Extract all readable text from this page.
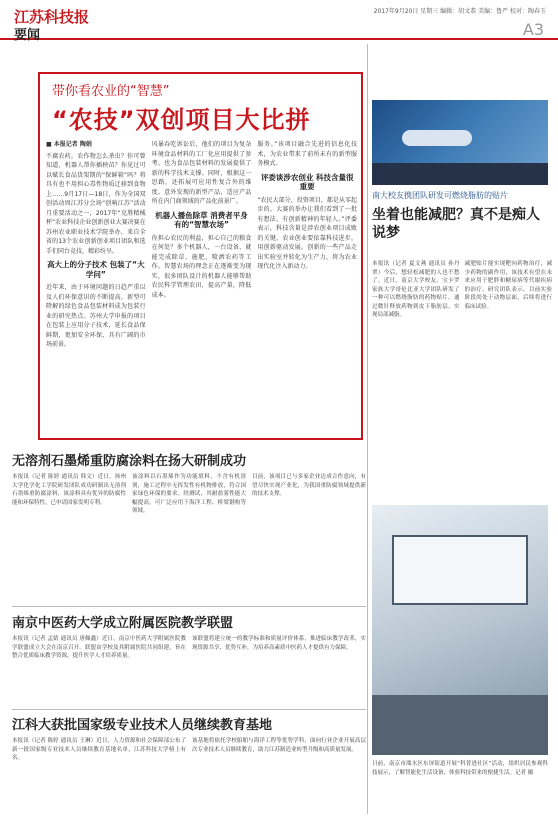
江苏科技报	2017年9月20日 星期三 编辑：胡文恭 美编：鲁严 校对：陶春玉
要闻	A3
带你看农业的“智慧”
“农技”双创项目大比拼
■ 本报记者 陶娟

不腐农药，农作物怎么杀虫？你可曾知道，机器人帮你插秧苗？你见过可以赋长食品货架期的“保鲜箱”吗？将具有也不用担心毒性物质迁移到食物上……9月17日—18日，作为全国双创活动周江苏分会场“创响江苏”活动月重要活动之一，2017年“克胜精械杯”农业科技企业创新创业大赛决赛在苏州农业职业技术学院举办，来自全省的13个农业创新创业项目团队和选手们同台竞技，精彩纷呈。

高大上的分子技术 包装了“大学问”

近年来，由于环境问题的日趋严重以及人们环保意识的不断提高，新型可降解的绿色食品包装材料成为包装行业的研究热点。苏州大学申报的项目在包装上应用分子技术，延长食品保鲜期，更加安全环保，具有广阔的市场前景。

风暴吞吃诉讼后，他们的项目为复杂环境食品材料的工厂化应用提供了参考。也为食品包装材料的发展提供了新的科学技术支撑。同时，根据这一思路，还拓展可应用性复合外的维度。意外发现的新型产品，适应产品所在内门商领域的产品化前景广。

机器人播鱼除草 消费者平身有的“智慧农场”

你担心农民的利益，担心自己的粮食在何处？多个机器人，一台设备，就能完成除草、施肥、喷洒农药等工作。智慧农场的理念正在逐渐变为现实，很多团队设计的机器人能够帮助农民科学管理农田，提高产量，降低成本。

服务。”该项目融合先进的信息化技术，为农业带来了前所未有的新型服务模式。

评委谈涉农创业 科技含量很重要

“农民大部分，投资项目，都是从零起步的。大赛的举办让我们看到了一批有想法、有创新精神的年轻人。”评委表示，科技含量是涉农创业项目成败的关键，农业创业要依靠科技进步，用创新驱动发展。创新的一些产品走出实验室并转化为生产力，将为农业现代化注入新动力。

南大校友携团队研发可燃烧脂肪的贴片
坐着也能减肥？真不是痴人说梦
本报讯（记者 夏文燕 通讯员 孙丹翠）今后，想轻松减肥的人也不愁了。近日，南京大学校友、宝卡罗家族大学哥伦比亚大学团队研发了一种可以燃烧脂肪的药物贴片，通过微针释放药物到皮下脂肪层，实现局部减脂。
减肥贴片能实现靶向药物治疗，减少药物的副作用，该技术有望在未来应用于肥胖和糖尿病等代谢疾病的治疗。研究团队表示，目前实验阶段尚处于动物层面，后续将进行临床试验。
无溶剂石墨烯重防腐涂料在扬大研制成功
本报讯（记者 陈婷 通讯员 韩文）近日，扬州大学化学化工学院研发团队成功研制出无溶剂石墨烯重防腐涂料，该涂料具有优异的防腐性能和环保特性，已申请国家发明专利。
该涂料以石墨烯作为功能填料，不含有机溶剂，施工过程中无挥发性有机物排放，符合国家绿色环保的要求。经测试，其耐盐雾性能大幅提高，可广泛应用于海洋工程、桥梁钢构等领域。
目前，该项目已与多家企业达成合作意向，有望尽快实现产业化，为我国重防腐领域提供新的技术支撑。
南京中医药大学成立附属医院教学联盟
本报讯（记者 孟婧 通讯员 唐佩鑫）近日，南京中医药大学附属医院教学联盟成立大会在南京召开。联盟由学校及其附属医院共同组建，旨在整合优质临床教学资源，提升医学人才培养质量。
该联盟将建立统一的教学标准和质量评价体系，推进临床教学改革，实现资源共享、优势互补，为培养高素质中医药人才提供有力保障。
江科大获批国家级专业技术人员继续教育基地
本报讯（记者 陈婷 通讯员 王琳）近日，人力资源和社会保障部公布了新一批国家级专业技术人员继续教育基地名单，江苏科技大学榜上有名。
该基地将依托学校船舶与海洋工程等优势学科，面向行业企业开展高层次专业技术人员继续教育，助力江苏制造业转型升级和高质量发展。
日前，南京市溧水区东屏街道开展“科普进社区”活动，组织居民参观科技展示，了解智能化生活设备，体验科技带来的便捷生活。记者 摄
